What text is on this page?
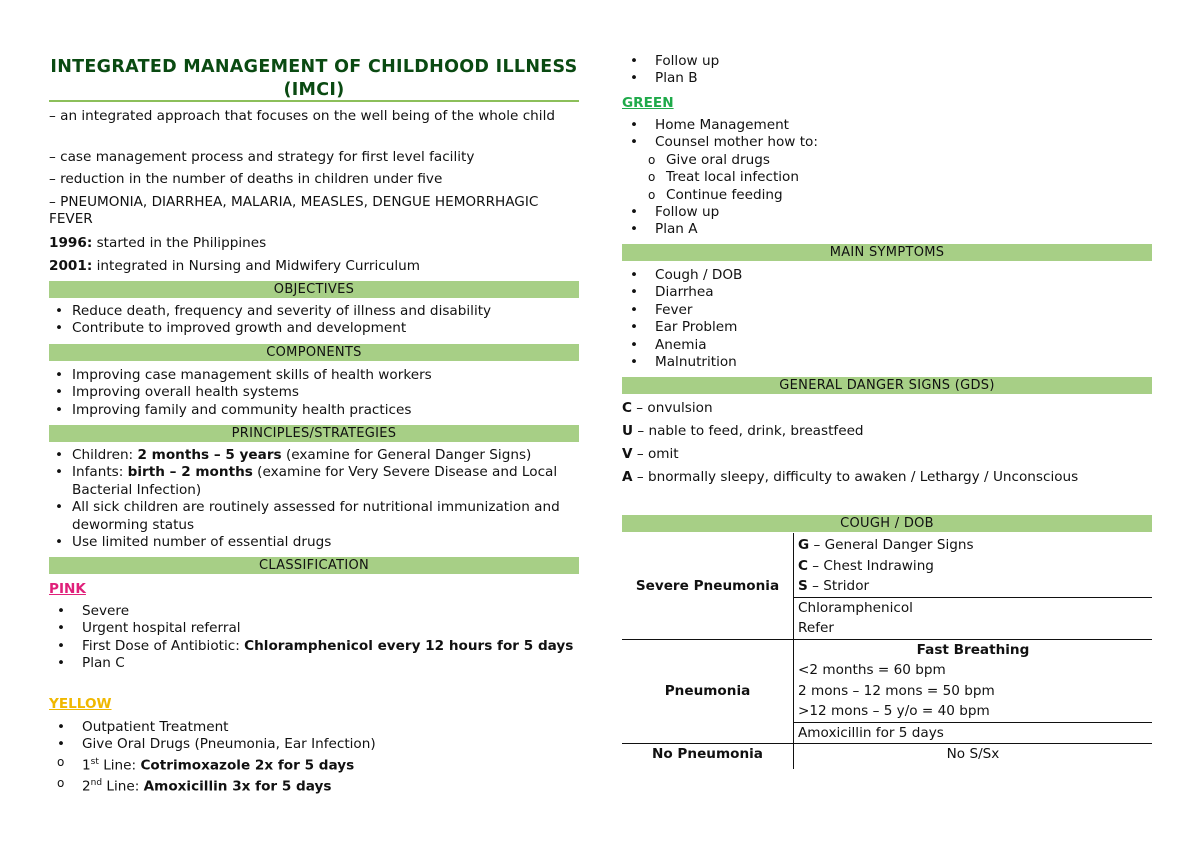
INTEGRATED MANAGEMENT OF CHILDHOOD ILLNESS (IMCI)
– an integrated approach that focuses on the well being of the whole child
– case management process and strategy for first level facility
– reduction in the number of deaths in children under five
– PNEUMONIA, DIARRHEA, MALARIA, MEASLES, DENGUE HEMORRHAGIC FEVER
1996: started in the Philippines
2001: integrated in Nursing and Midwifery Curriculum
OBJECTIVES
• Reduce death, frequency and severity of illness and disability
• Contribute to improved growth and development
COMPONENTS
• Improving case management skills of health workers
• Improving overall health systems
• Improving family and community health practices
PRINCIPLES/STRATEGIES
• Children: 2 months – 5 years (examine for General Danger Signs)
• Infants: birth – 2 months (examine for Very Severe Disease and Local Bacterial Infection)
• All sick children are routinely assessed for nutritional immunization and deworming status
• Use limited number of essential drugs
CLASSIFICATION
PINK
• Severe
• Urgent hospital referral
• First Dose of Antibiotic: Chloramphenicol every 12 hours for 5 days
• Plan C
YELLOW
• Outpatient Treatment
• Give Oral Drugs (Pneumonia, Ear Infection)
o 1st Line: Cotrimoxazole 2x for 5 days
o 2nd Line: Amoxicillin 3x for 5 days
• Follow up
• Plan B
GREEN
• Home Management
• Counsel mother how to:
o Give oral drugs
o Treat local infection
o Continue feeding
• Follow up
• Plan A
MAIN SYMPTOMS
• Cough / DOB
• Diarrhea
• Fever
• Ear Problem
• Anemia
• Malnutrition
GENERAL DANGER SIGNS (GDS)
C – onvulsion
U – nable to feed, drink, breastfeed
V – omit
A – bnormally sleepy, difficulty to awaken / Lethargy / Unconscious
COUGH / DOB
Severe Pneumonia	G – General Danger Signs
	C – Chest Indrawing
	S – Stridor
	Chloramphenicol
	Refer
Pneumonia	Fast Breathing
	<2 months = 60 bpm
	2 mons – 12 mons = 50 bpm
	>12 mons – 5 y/o = 40 bpm
	Amoxicillin for 5 days
No Pneumonia	No S/Sx
